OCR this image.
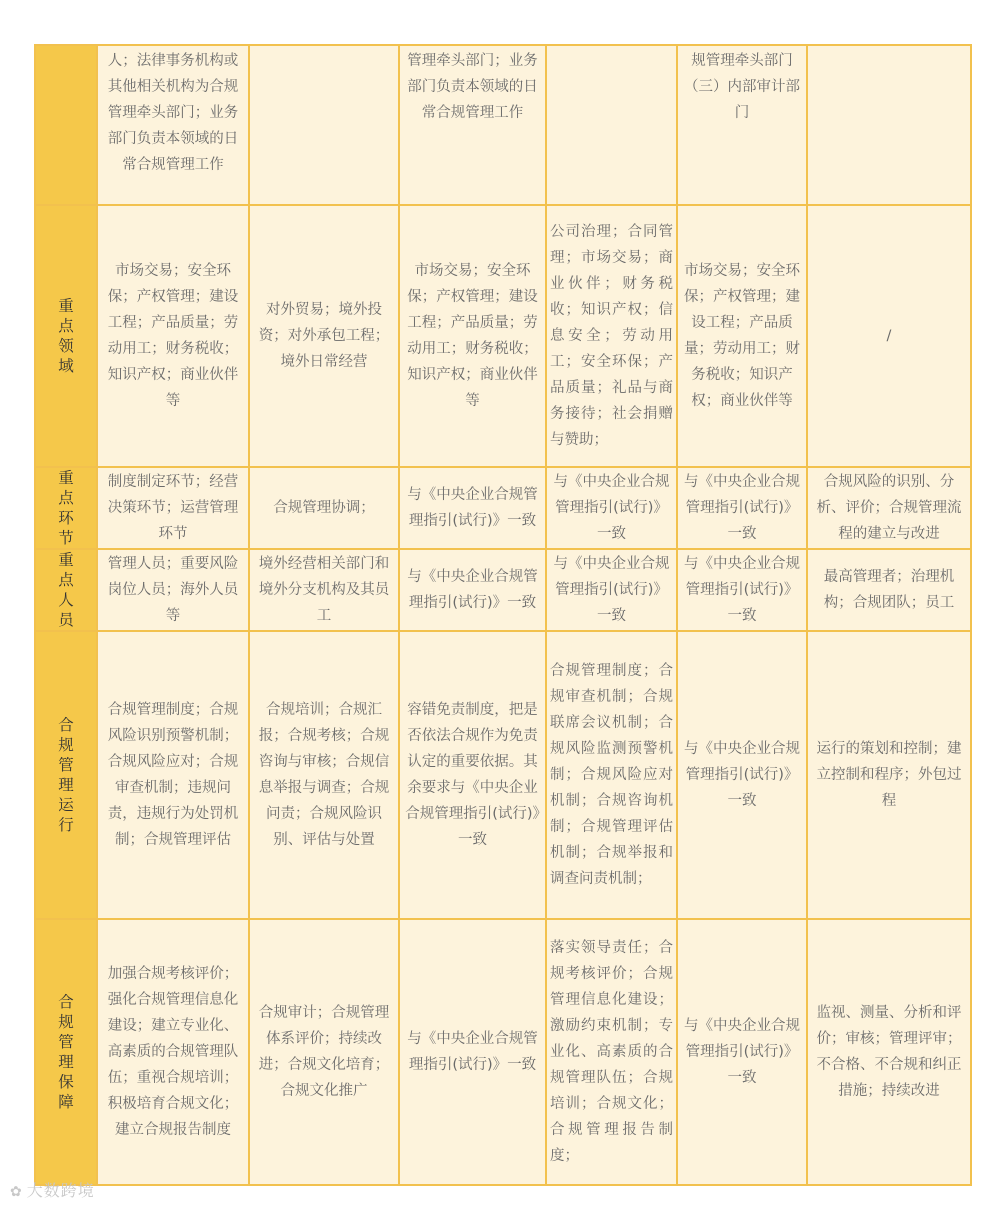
	人；法律事务机构或其他相关机构为合规管理牵头部门；业务部门负责本领域的日常合规管理工作		管理牵头部门；业务部门负责本领域的日常合规管理工作		规管理牵头部门（三）内部审计部门	
重点领域	市场交易；安全环保；产权管理；建设工程；产品质量；劳动用工；财务税收；知识产权；商业伙伴等	对外贸易；境外投资；对外承包工程；境外日常经营	市场交易；安全环保；产权管理；建设工程；产品质量；劳动用工；财务税收；知识产权；商业伙伴等	公司治理；合同管理；市场交易；商业伙伴；财务税收；知识产权；信息安全；劳动用工；安全环保；产品质量；礼品与商务接待；社会捐赠与赞助；	市场交易；安全环保；产权管理；建设工程；产品质量；劳动用工；财务税收；知识产权；商业伙伴等	/
重点环节	制度制定环节；经营决策环节；运营管理环节	合规管理协调；	与《中央企业合规管理指引(试行)》一致	与《中央企业合规管理指引(试行)》一致	与《中央企业合规管理指引(试行)》一致	合规风险的识别、分析、评价；合规管理流程的建立与改进
重点人员	管理人员；重要风险岗位人员；海外人员等	境外经营相关部门和境外分支机构及其员工	与《中央企业合规管理指引(试行)》一致	与《中央企业合规管理指引(试行)》一致	与《中央企业合规管理指引(试行)》一致	最高管理者；治理机构；合规团队；员工
合规管理运行	合规管理制度；合规风险识别预警机制；合规风险应对；合规审查机制；违规问责，违规行为处罚机制；合规管理评估	合规培训；合规汇报；合规考核；合规咨询与审核；合规信息举报与调查；合规问责；合规风险识别、评估与处置	容错免责制度，把是否依法合规作为免责认定的重要依据。其余要求与《中央企业合规管理指引(试行)》一致	合规管理制度；合规审查机制；合规联席会议机制；合规风险监测预警机制；合规风险应对机制；合规咨询机制；合规管理评估机制；合规举报和调查问责机制；	与《中央企业合规管理指引(试行)》一致	运行的策划和控制；建立控制和程序；外包过程
合规管理保障	加强合规考核评价；强化合规管理信息化建设；建立专业化、高素质的合规管理队伍；重视合规培训；积极培育合规文化；建立合规报告制度	合规审计；合规管理体系评价；持续改进；合规文化培育；合规文化推广	与《中央企业合规管理指引(试行)》一致	落实领导责任；合规考核评价；合规管理信息化建设；激励约束机制；专业化、高素质的合规管理队伍；合规培训；合规文化；合规管理报告制度；	与《中央企业合规管理指引(试行)》一致	监视、测量、分析和评价；审核；管理评审；不合格、不合规和纠正措施；持续改进
✿ 大数跨境
